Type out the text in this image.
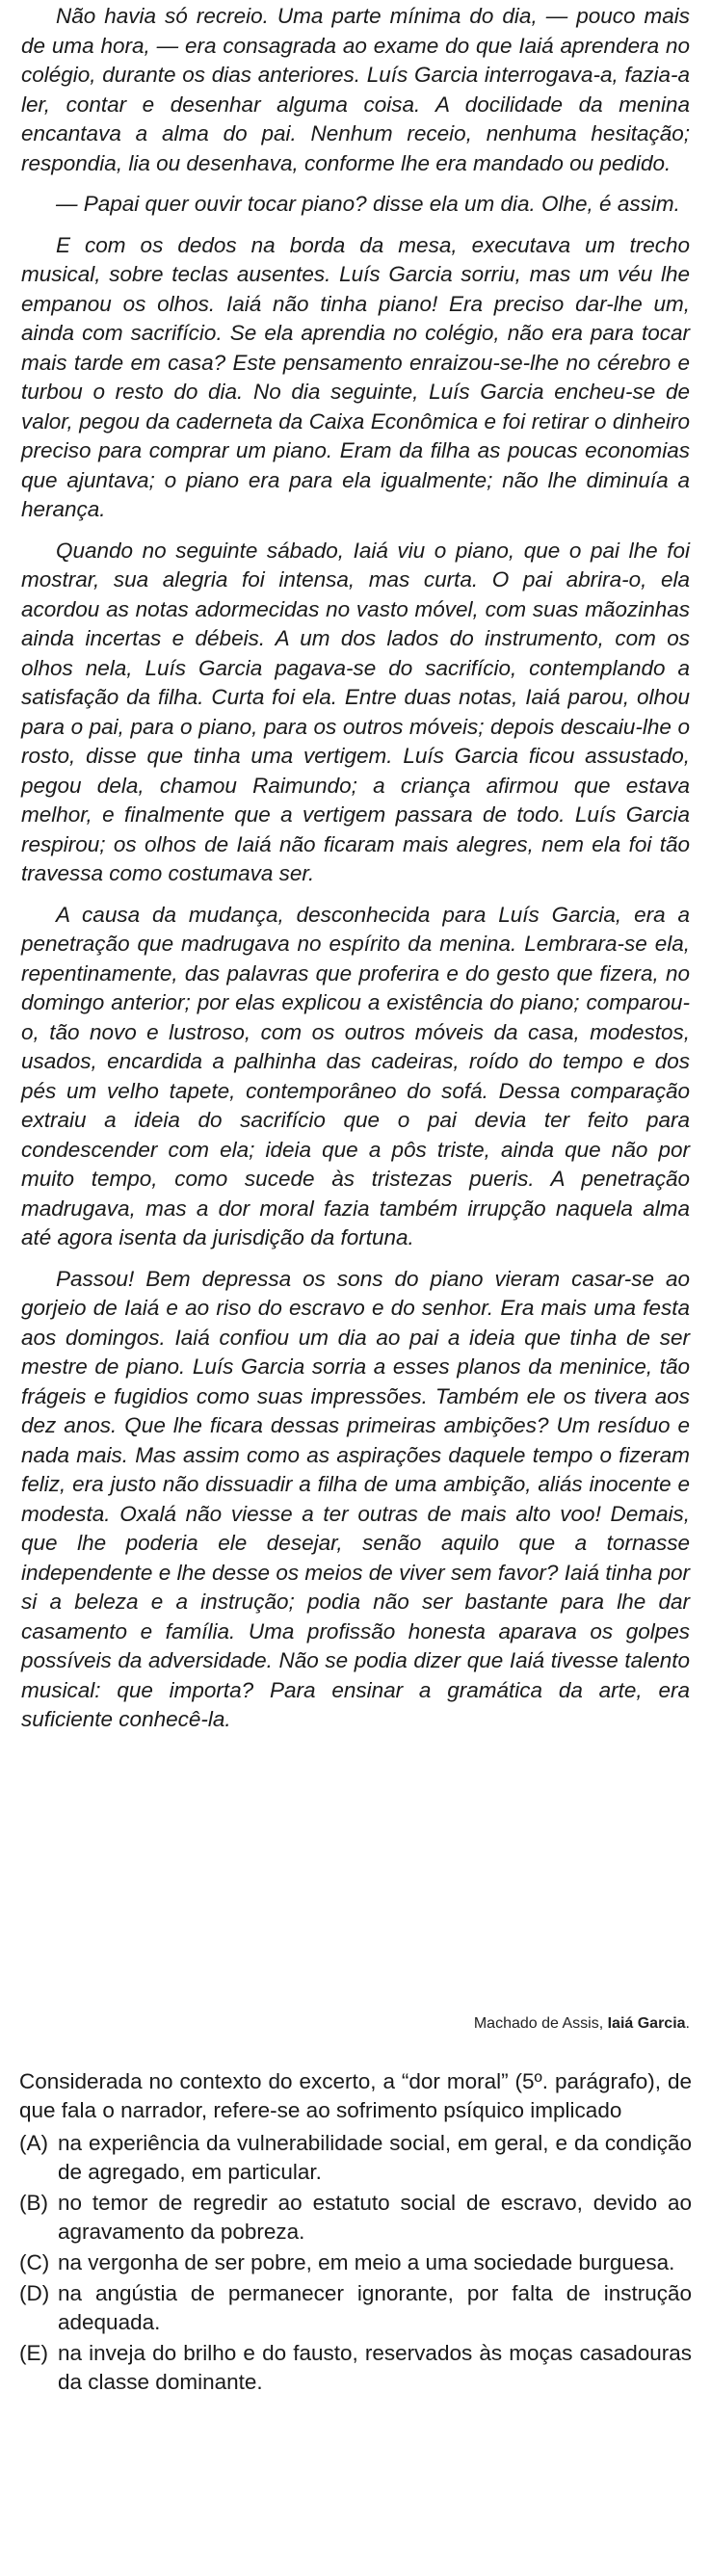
Não havia só recreio. Uma parte mínima do dia, — pouco mais de uma hora, — era consagrada ao exame do que Iaiá aprendera no colégio, durante os dias anteriores. Luís Garcia interrogava-a, fazia-a ler, contar e desenhar alguma coisa. A docilidade da menina encantava a alma do pai. Nenhum receio, nenhuma hesitação; respondia, lia ou desenhava, conforme lhe era mandado ou pedido.

— Papai quer ouvir tocar piano? disse ela um dia. Olhe, é assim.

E com os dedos na borda da mesa, executava um trecho musical, sobre teclas ausentes. Luís Garcia sorriu, mas um véu lhe empanou os olhos. Iaiá não tinha piano! Era preciso dar-lhe um, ainda com sacrifício. Se ela aprendia no colégio, não era para tocar mais tarde em casa? Este pensamento enraizou-se-lhe no cérebro e turbou o resto do dia. No dia seguinte, Luís Garcia encheu-se de valor, pegou da caderneta da Caixa Econômica e foi retirar o dinheiro preciso para comprar um piano. Eram da filha as poucas economias que ajuntava; o piano era para ela igualmente; não lhe diminuía a herança.

Quando no seguinte sábado, Iaiá viu o piano, que o pai lhe foi mostrar, sua alegria foi intensa, mas curta. O pai abrira-o, ela acordou as notas adormecidas no vasto móvel, com suas mãozinhas ainda incertas e débeis. A um dos lados do instrumento, com os olhos nela, Luís Garcia pagava-se do sacrifício, contemplando a satisfação da filha. Curta foi ela. Entre duas notas, Iaiá parou, olhou para o pai, para o piano, para os outros móveis; depois descaiu-lhe o rosto, disse que tinha uma vertigem. Luís Garcia ficou assustado, pegou dela, chamou Raimundo; a criança afirmou que estava melhor, e finalmente que a vertigem passara de todo. Luís Garcia respirou; os olhos de Iaiá não ficaram mais alegres, nem ela foi tão travessa como costumava ser.

A causa da mudança, desconhecida para Luís Garcia, era a penetração que madrugava no espírito da menina. Lembrara-se ela, repentinamente, das palavras que proferira e do gesto que fizera, no domingo anterior; por elas explicou a existência do piano; comparou-o, tão novo e lustroso, com os outros móveis da casa, modestos, usados, encardida a palhinha das cadeiras, roído do tempo e dos pés um velho tapete, contemporâneo do sofá. Dessa comparação extraiu a ideia do sacrifício que o pai devia ter feito para condescender com ela; ideia que a pôs triste, ainda que não por muito tempo, como sucede às tristezas pueris. A penetração madrugava, mas a dor moral fazia também irrupção naquela alma até agora isenta da jurisdição da fortuna.

Passou! Bem depressa os sons do piano vieram casar-se ao gorjeio de Iaiá e ao riso do escravo e do senhor. Era mais uma festa aos domingos. Iaiá confiou um dia ao pai a ideia que tinha de ser mestre de piano. Luís Garcia sorria a esses planos da meninice, tão frágeis e fugidios como suas impressões. Também ele os tivera aos dez anos. Que lhe ficara dessas primeiras ambições? Um resíduo e nada mais. Mas assim como as aspirações daquele tempo o fizeram feliz, era justo não dissuadir a filha de uma ambição, aliás inocente e modesta. Oxalá não viesse a ter outras de mais alto voo! Demais, que lhe poderia ele desejar, senão aquilo que a tornasse independente e lhe desse os meios de viver sem favor? Iaiá tinha por si a beleza e a instrução; podia não ser bastante para lhe dar casamento e família. Uma profissão honesta aparava os golpes possíveis da adversidade. Não se podia dizer que Iaiá tivesse talento musical: que importa? Para ensinar a gramática da arte, era suficiente conhecê-la.

Machado de Assis, Iaiá Garcia.

Considerada no contexto do excerto, a “dor moral” (5º. parágrafo), de que fala o narrador, refere-se ao sofrimento psíquico implicado

(A) na experiência da vulnerabilidade social, em geral, e da condição de agregado, em particular.
(B) no temor de regredir ao estatuto social de escravo, devido ao agravamento da pobreza.
(C) na vergonha de ser pobre, em meio a uma sociedade burguesa.
(D) na angústia de permanecer ignorante, por falta de instrução adequada.
(E) na inveja do brilho e do fausto, reservados às moças casadouras da classe dominante.
